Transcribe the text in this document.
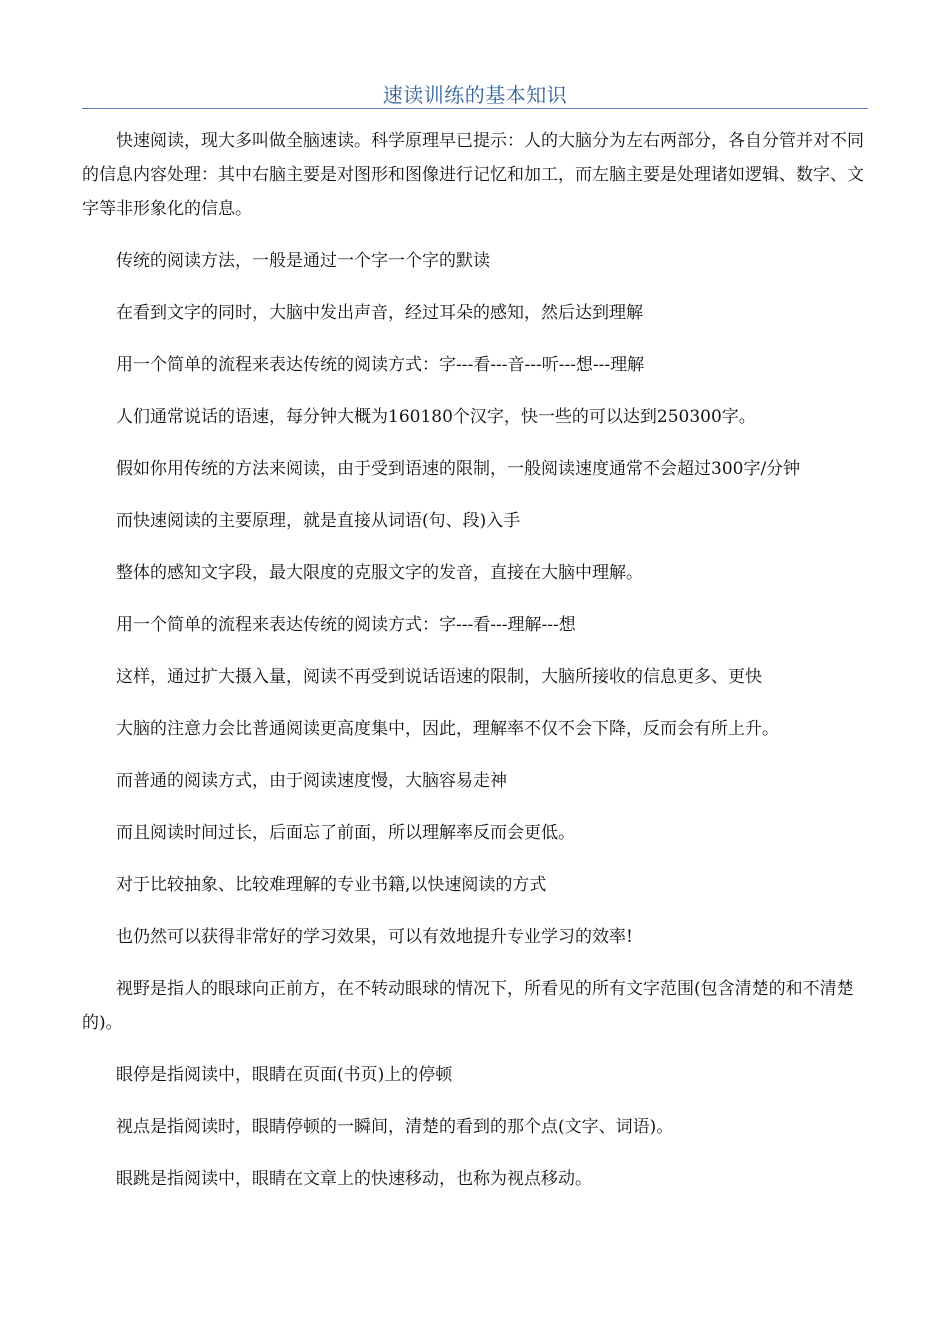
速读训练的基本知识

快速阅读，现大多叫做全脑速读。科学原理早已提示：人的大脑分为左右两部分，各自分管并对不同的信息内容处理：其中右脑主要是对图形和图像进行记忆和加工，而左脑主要是处理诸如逻辑、数字、文字等非形象化的信息。

传统的阅读方法，一般是通过一个字一个字的默读

在看到文字的同时，大脑中发出声音，经过耳朵的感知，然后达到理解

用一个简单的流程来表达传统的阅读方式：字---看---音---听---想---理解

人们通常说话的语速，每分钟大概为160180个汉字，快一些的可以达到250300字。

假如你用传统的方法来阅读，由于受到语速的限制，一般阅读速度通常不会超过300字/分钟

而快速阅读的主要原理，就是直接从词语(句、段)入手

整体的感知文字段，最大限度的克服文字的发音，直接在大脑中理解。

用一个简单的流程来表达传统的阅读方式：字---看---理解---想

这样，通过扩大摄入量，阅读不再受到说话语速的限制，大脑所接收的信息更多、更快

大脑的注意力会比普通阅读更高度集中，因此，理解率不仅不会下降，反而会有所上升。

而普通的阅读方式，由于阅读速度慢，大脑容易走神

而且阅读时间过长，后面忘了前面，所以理解率反而会更低。

对于比较抽象、比较难理解的专业书籍,以快速阅读的方式

也仍然可以获得非常好的学习效果，可以有效地提升专业学习的效率!

视野是指人的眼球向正前方，在不转动眼球的情况下，所看见的所有文字范围(包含清楚的和不清楚的)。

眼停是指阅读中，眼睛在页面(书页)上的停顿

视点是指阅读时，眼睛停顿的一瞬间，清楚的看到的那个点(文字、词语)。

眼跳是指阅读中，眼睛在文章上的快速移动，也称为视点移动。
